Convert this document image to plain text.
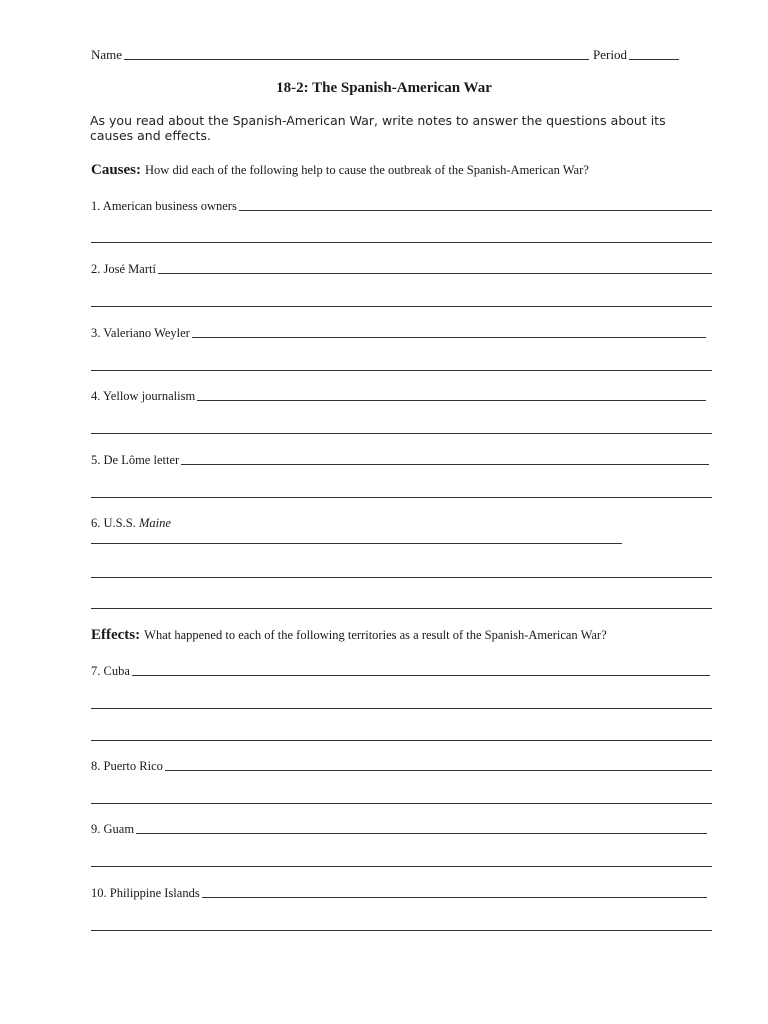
Name	Period
18-2: The Spanish-American War
As you read about the Spanish-American War, write notes to answer the questions about its causes and effects.
Causes: How did each of the following help to cause the outbreak of the Spanish-American War?
1. American business owners
2. José Martí
3. Valeriano Weyler
4. Yellow journalism
5. De Lôme letter
6. U.S.S. Maine
Effects: What happened to each of the following territories as a result of the Spanish-American War?
7. Cuba
8. Puerto Rico
9. Guam
10. Philippine Islands
